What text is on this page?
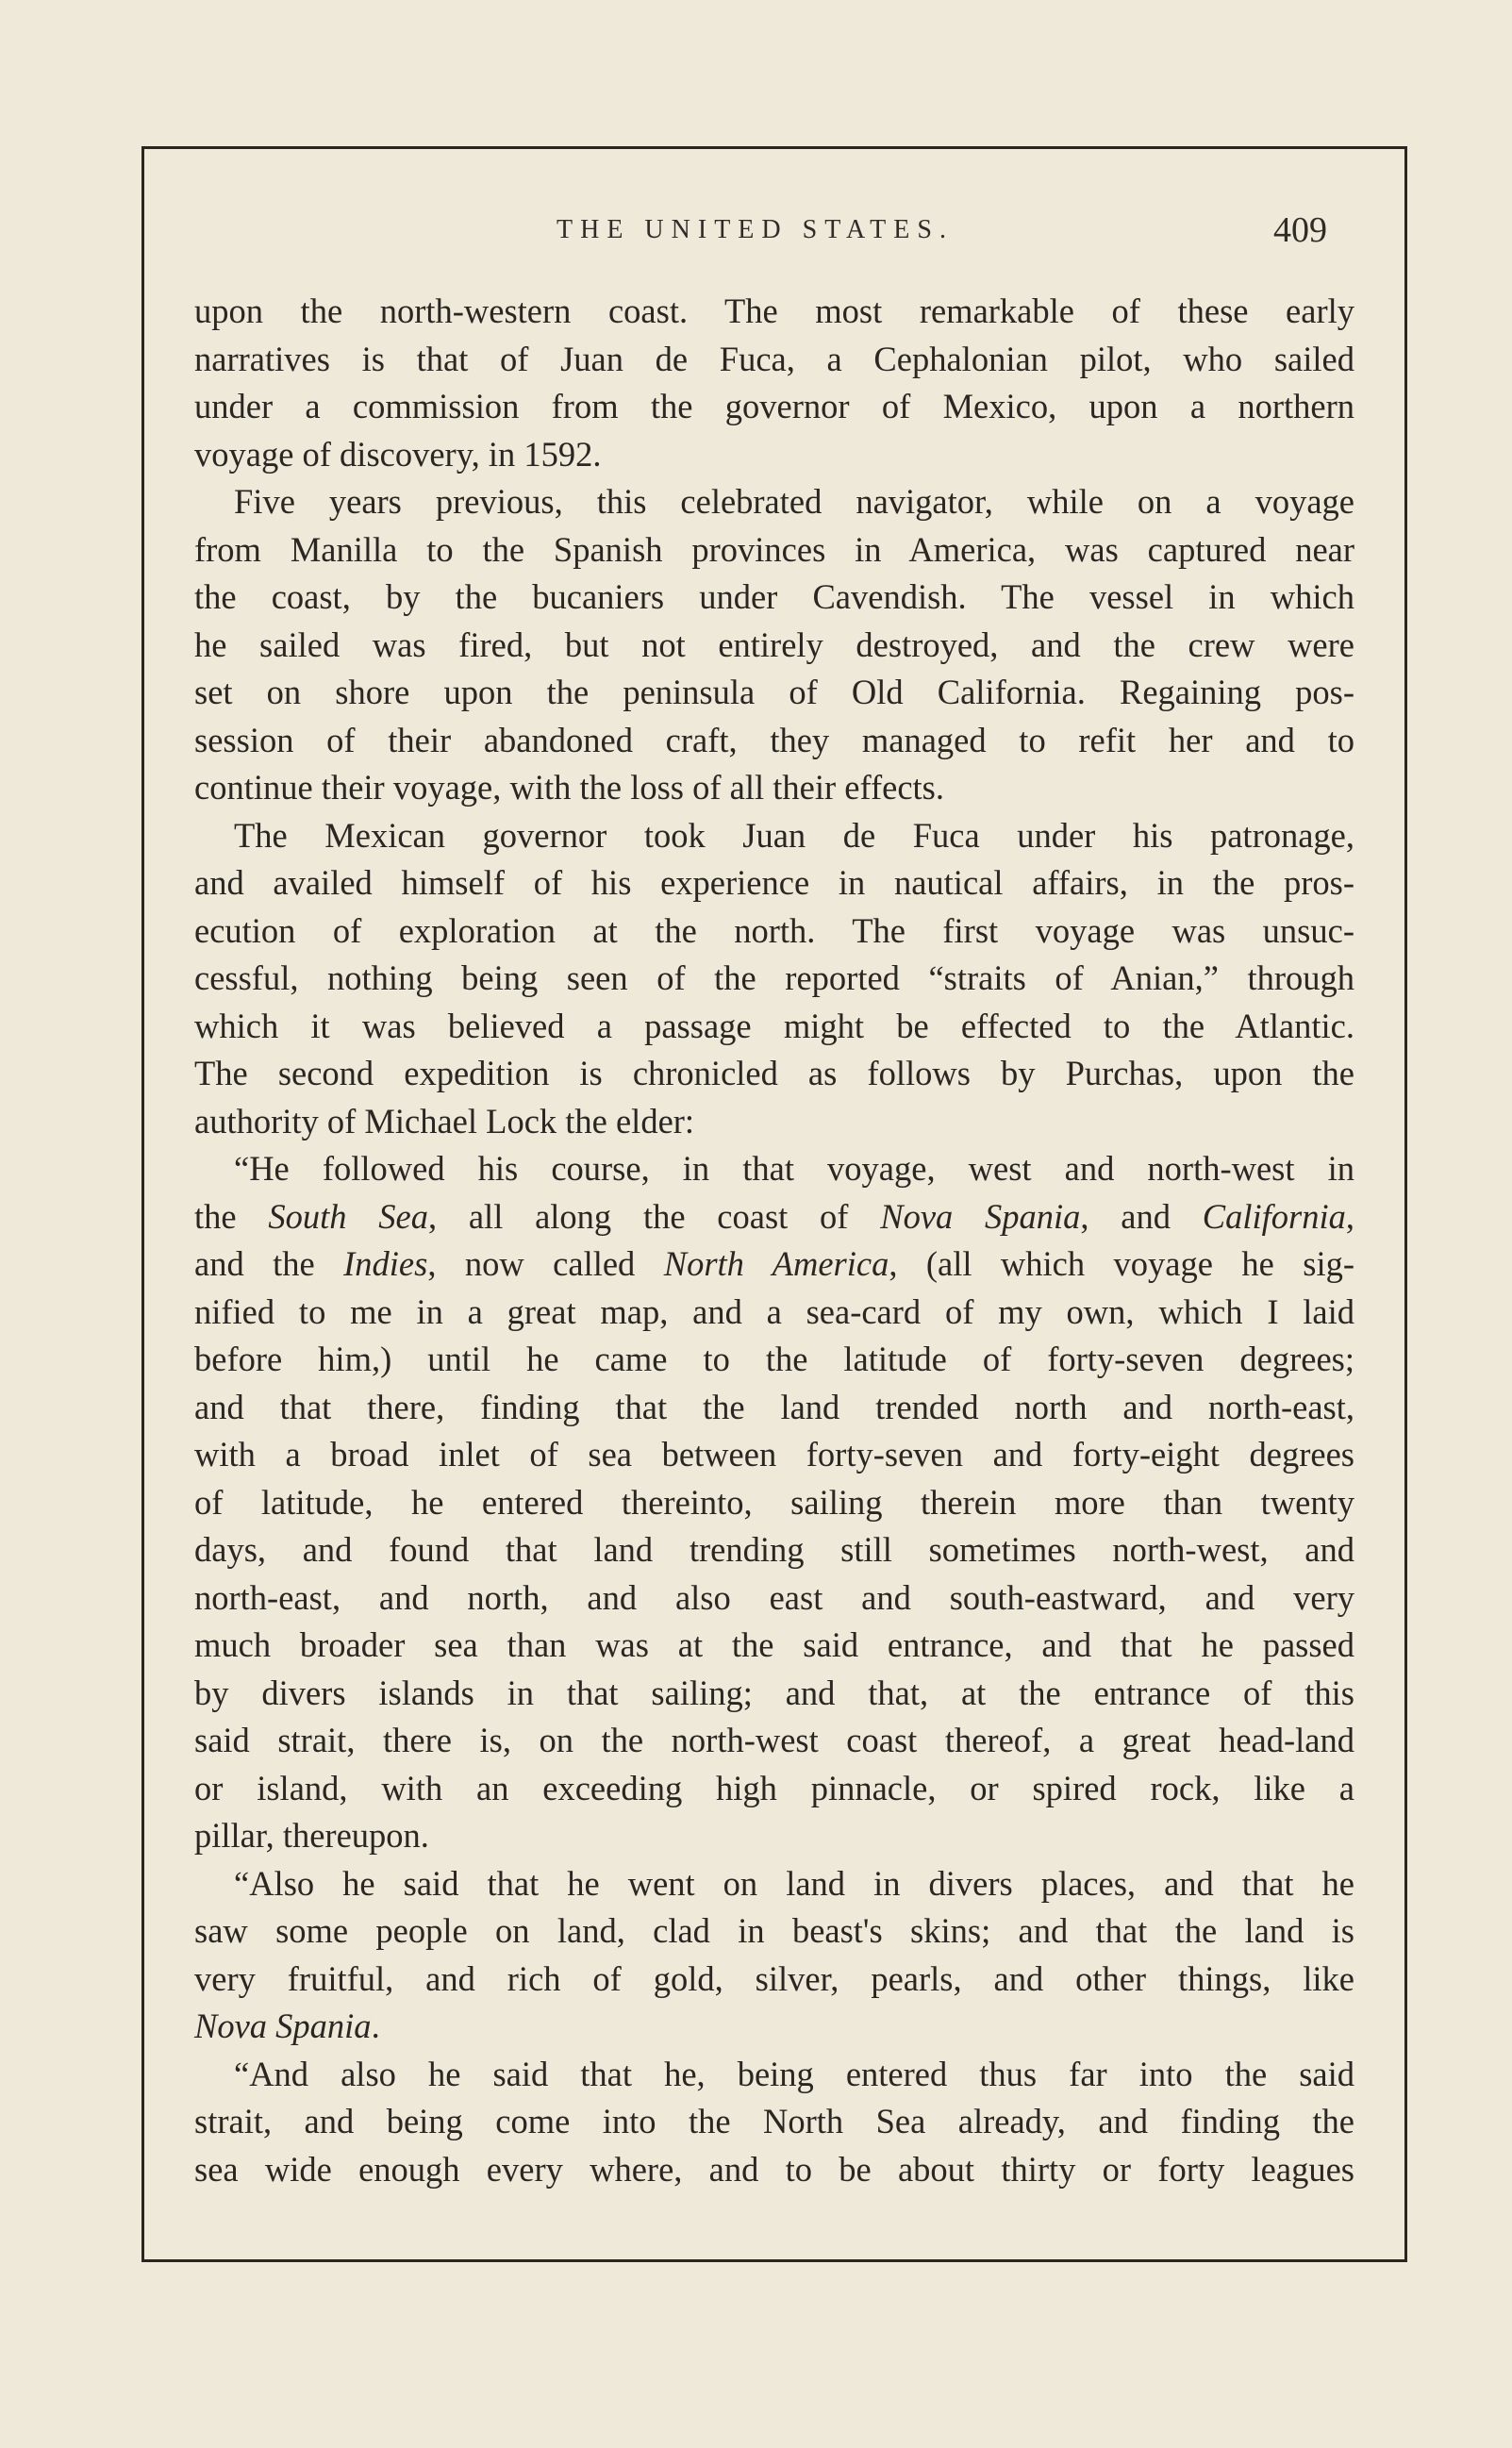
THE UNITED STATES.	409
upon the north-western coast. The most remarkable of these early
narratives is that of Juan de Fuca, a Cephalonian pilot, who sailed
under a commission from the governor of Mexico, upon a northern
voyage of discovery, in 1592.
Five years previous, this celebrated navigator, while on a voyage
from Manilla to the Spanish provinces in America, was captured near
the coast, by the bucaniers under Cavendish. The vessel in which
he sailed was fired, but not entirely destroyed, and the crew were
set on shore upon the peninsula of Old California. Regaining pos-
session of their abandoned craft, they managed to refit her and to
continue their voyage, with the loss of all their effects.
The Mexican governor took Juan de Fuca under his patronage,
and availed himself of his experience in nautical affairs, in the pros-
ecution of exploration at the north. The first voyage was unsuc-
cessful, nothing being seen of the reported “straits of Anian,” through
which it was believed a passage might be effected to the Atlantic.
The second expedition is chronicled as follows by Purchas, upon the
authority of Michael Lock the elder:
“He followed his course, in that voyage, west and north-west in
the South Sea, all along the coast of Nova Spania, and California,
and the Indies, now called North America, (all which voyage he sig-
nified to me in a great map, and a sea-card of my own, which I laid
before him,) until he came to the latitude of forty-seven degrees;
and that there, finding that the land trended north and north-east,
with a broad inlet of sea between forty-seven and forty-eight degrees
of latitude, he entered thereinto, sailing therein more than twenty
days, and found that land trending still sometimes north-west, and
north-east, and north, and also east and south-eastward, and very
much broader sea than was at the said entrance, and that he passed
by divers islands in that sailing; and that, at the entrance of this
said strait, there is, on the north-west coast thereof, a great head-land
or island, with an exceeding high pinnacle, or spired rock, like a
pillar, thereupon.
“Also he said that he went on land in divers places, and that he
saw some people on land, clad in beast's skins; and that the land is
very fruitful, and rich of gold, silver, pearls, and other things, like
Nova Spania.
“And also he said that he, being entered thus far into the said
strait, and being come into the North Sea already, and finding the
sea wide enough every where, and to be about thirty or forty leagues
